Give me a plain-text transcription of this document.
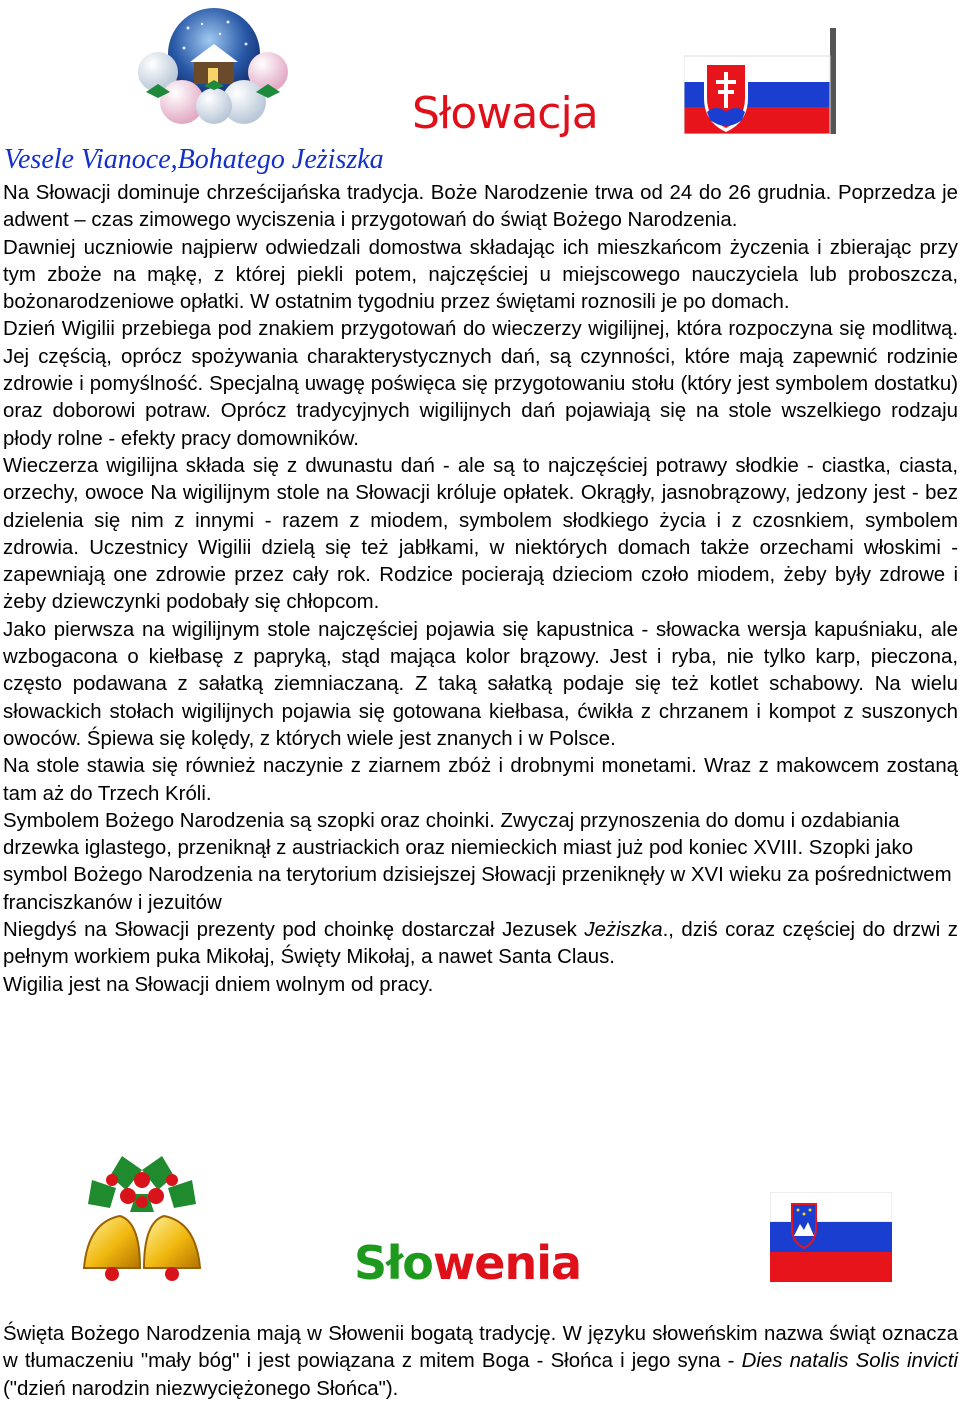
Słowacja
Vesele Vianoce,Bohatego Jeżiszka

Na Słowacji dominuje chrześcijańska tradycja. Boże Narodzenie trwa od 24 do 26 grudnia. Poprzedza je adwent – czas zimowego wyciszenia i przygotowań do świąt Bożego Narodzenia.

Dawniej uczniowie najpierw odwiedzali domostwa składając ich mieszkańcom życzenia i zbierając przy tym zboże na mąkę, z której piekli potem, najczęściej u miejscowego nauczyciela lub proboszcza, bożonarodzeniowe opłatki. W ostatnim tygodniu przez świętami roznosili je po domach.

Dzień Wigilii przebiega pod znakiem przygotowań do wieczerzy wigilijnej, która rozpoczyna się modlitwą. Jej częścią, oprócz spożywania charakterystycznych dań, są czynności, które mają zapewnić rodzinie zdrowie i pomyślność. Specjalną uwagę poświęca się przygotowaniu stołu (który jest symbolem dostatku) oraz doborowi potraw. Oprócz tradycyjnych wigilijnych dań pojawiają się na stole wszelkiego rodzaju płody rolne - efekty pracy domowników.

Wieczerza wigilijna składa się z dwunastu dań - ale są to najczęściej potrawy słodkie - ciastka, ciasta, orzechy, owoce Na wigilijnym stole na Słowacji króluje opłatek. Okrągły, jasnobrązowy, jedzony jest - bez dzielenia się nim z innymi - razem z miodem, symbolem słodkiego życia i z czosnkiem, symbolem zdrowia. Uczestnicy Wigilii dzielą się też jabłkami, w niektórych domach także orzechami włoskimi - zapewniają one zdrowie przez cały rok. Rodzice pocierają dzieciom czoło miodem, żeby były zdrowe i żeby dziewczynki podobały się chłopcom.

Jako pierwsza na wigilijnym stole najczęściej pojawia się kapustnica - słowacka wersja kapuśniaku, ale wzbogacona o kiełbasę z papryką, stąd mająca kolor brązowy. Jest i ryba, nie tylko karp, pieczona, często podawana z sałatką ziemniaczaną. Z taką sałatką podaje się też kotlet schabowy. Na wielu słowackich stołach wigilijnych pojawia się gotowana kiełbasa, ćwikła z chrzanem i kompot z suszonych owoców. Śpiewa się kolędy, z których wiele jest znanych i w Polsce.

Na stole stawia się również naczynie z ziarnem zbóż i drobnymi monetami. Wraz z makowcem zostaną tam aż do Trzech Króli.

Symbolem Bożego Narodzenia są szopki oraz choinki. Zwyczaj przynoszenia do domu i ozdabiania drzewka iglastego, przeniknął z austriackich oraz niemieckich miast już pod koniec XVIII. Szopki jako symbol Bożego Narodzenia na terytorium dzisiejszej Słowacji przeniknęły w XVI wieku za pośrednictwem franciszkanów i jezuitów

Niegdyś na Słowacji prezenty pod choinkę dostarczał Jezusek Jeżiszka., dziś coraz częściej do drzwi z pełnym workiem puka Mikołaj, Święty Mikołaj, a nawet Santa Claus.

Wigilia jest na Słowacji dniem wolnym od pracy.

Słowenia

Święta Bożego Narodzenia mają w Słowenii bogatą tradycję. W języku słoweńskim nazwa świąt oznacza w tłumaczeniu "mały bóg" i jest powiązana z mitem Boga - Słońca i jego syna - Dies natalis Solis invicti ("dzień narodzin niezwyciężonego Słońca").
